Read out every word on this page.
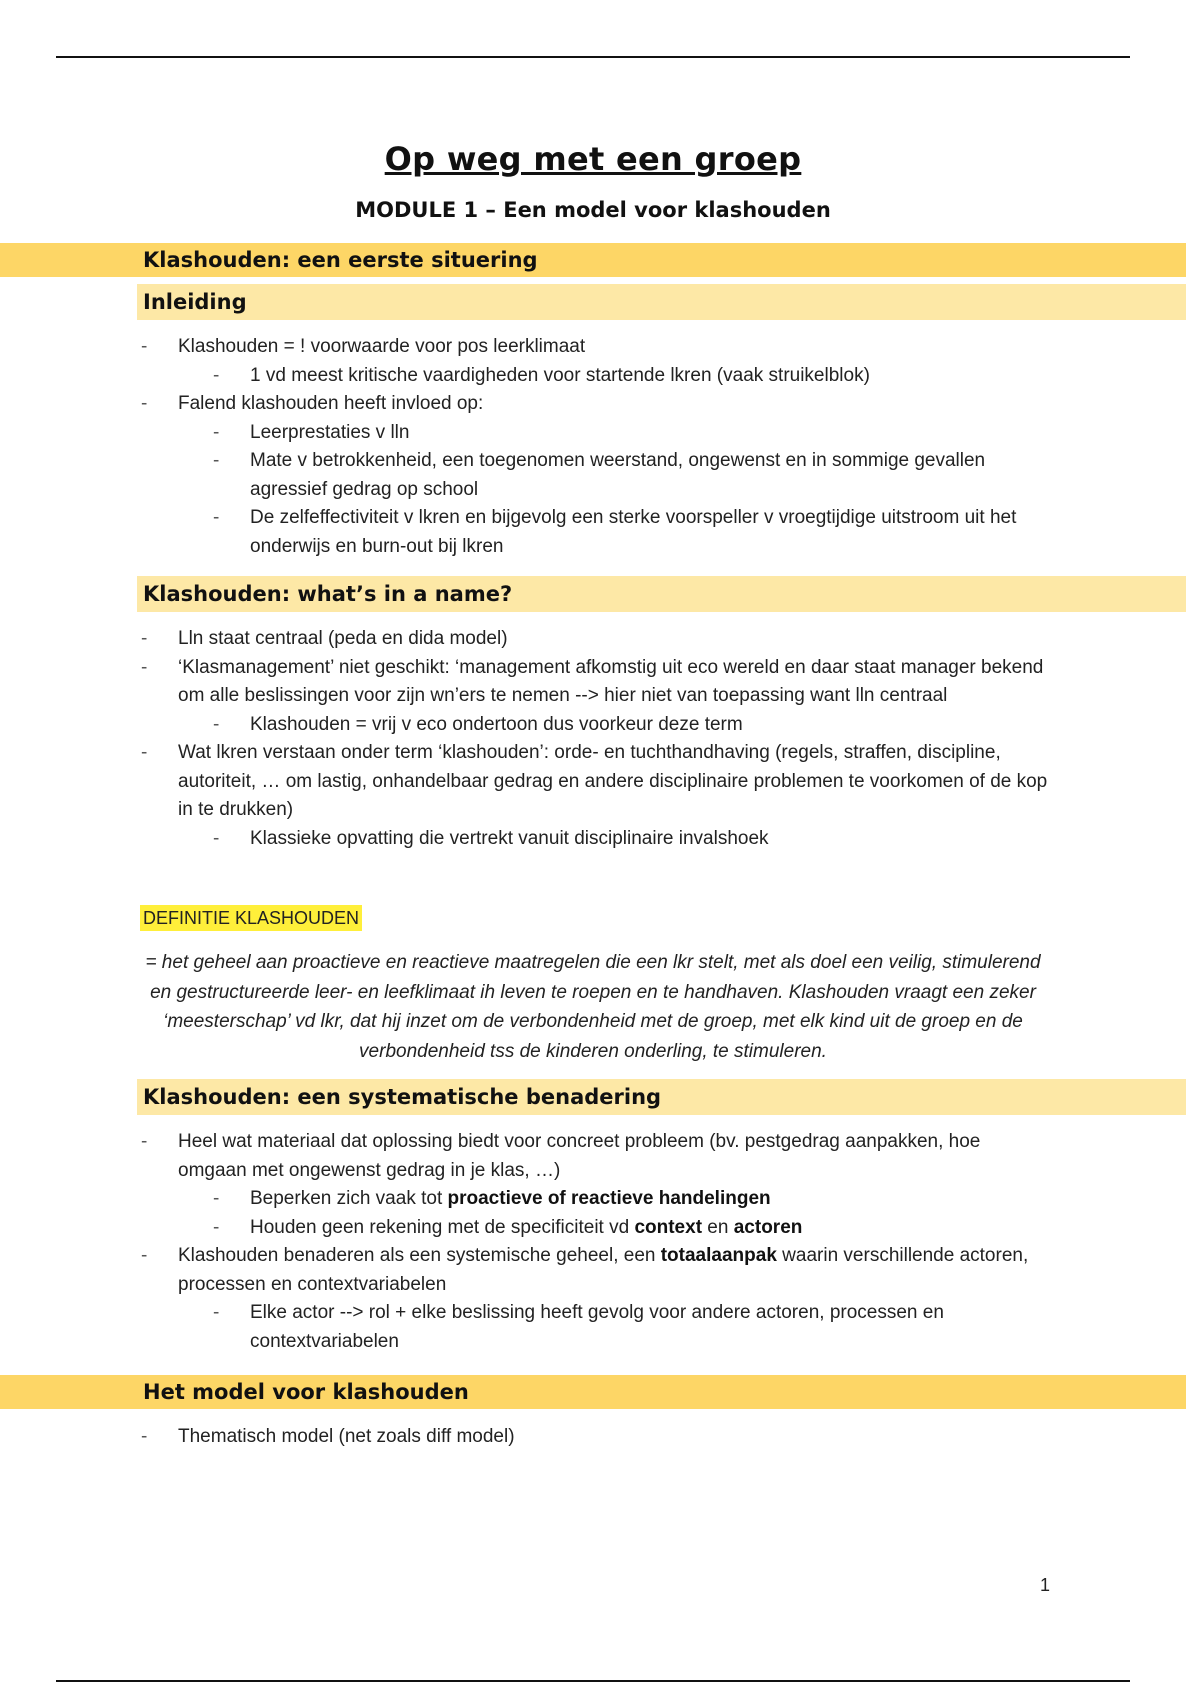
Op weg met een groep
MODULE 1 – Een model voor klashouden
Klashouden: een eerste situering
Inleiding
- Klashouden = ! voorwaarde voor pos leerklimaat
- 1 vd meest kritische vaardigheden voor startende lkren (vaak struikelblok)
- Falend klashouden heeft invloed op:
- Leerprestaties v lln
- Mate v betrokkenheid, een toegenomen weerstand, ongewenst en in sommige gevallen agressief gedrag op school
- De zelfeffectiviteit v lkren en bijgevolg een sterke voorspeller v vroegtijdige uitstroom uit het onderwijs en burn-out bij lkren
Klashouden: what’s in a name?
- Lln staat centraal (peda en dida model)
- ‘Klasmanagement’ niet geschikt: ‘management afkomstig uit eco wereld en daar staat manager bekend om alle beslissingen voor zijn wn’ers te nemen --> hier niet van toepassing want lln centraal
- Klashouden = vrij v eco ondertoon dus voorkeur deze term
- Wat lkren verstaan onder term ‘klashouden’: orde- en tuchthandhaving (regels, straffen, discipline, autoriteit, … om lastig, onhandelbaar gedrag en andere disciplinaire problemen te voorkomen of de kop in te drukken)
- Klassieke opvatting die vertrekt vanuit disciplinaire invalshoek
DEFINITIE KLASHOUDEN
= het geheel aan proactieve en reactieve maatregelen die een lkr stelt, met als doel een veilig, stimulerend en gestructureerde leer- en leefklimaat ih leven te roepen en te handhaven. Klashouden vraagt een zeker ‘meesterschap’ vd lkr, dat hij inzet om de verbondenheid met de groep, met elk kind uit de groep en de verbondenheid tss de kinderen onderling, te stimuleren.
Klashouden: een systematische benadering
- Heel wat materiaal dat oplossing biedt voor concreet probleem (bv. pestgedrag aanpakken, hoe omgaan met ongewenst gedrag in je klas, …)
- Beperken zich vaak tot proactieve of reactieve handelingen
- Houden geen rekening met de specificiteit vd context en actoren
- Klashouden benaderen als een systemische geheel, een totaalaanpak waarin verschillende actoren, processen en contextvariabelen
- Elke actor --> rol + elke beslissing heeft gevolg voor andere actoren, processen en contextvariabelen
Het model voor klashouden
- Thematisch model (net zoals diff model)
1
